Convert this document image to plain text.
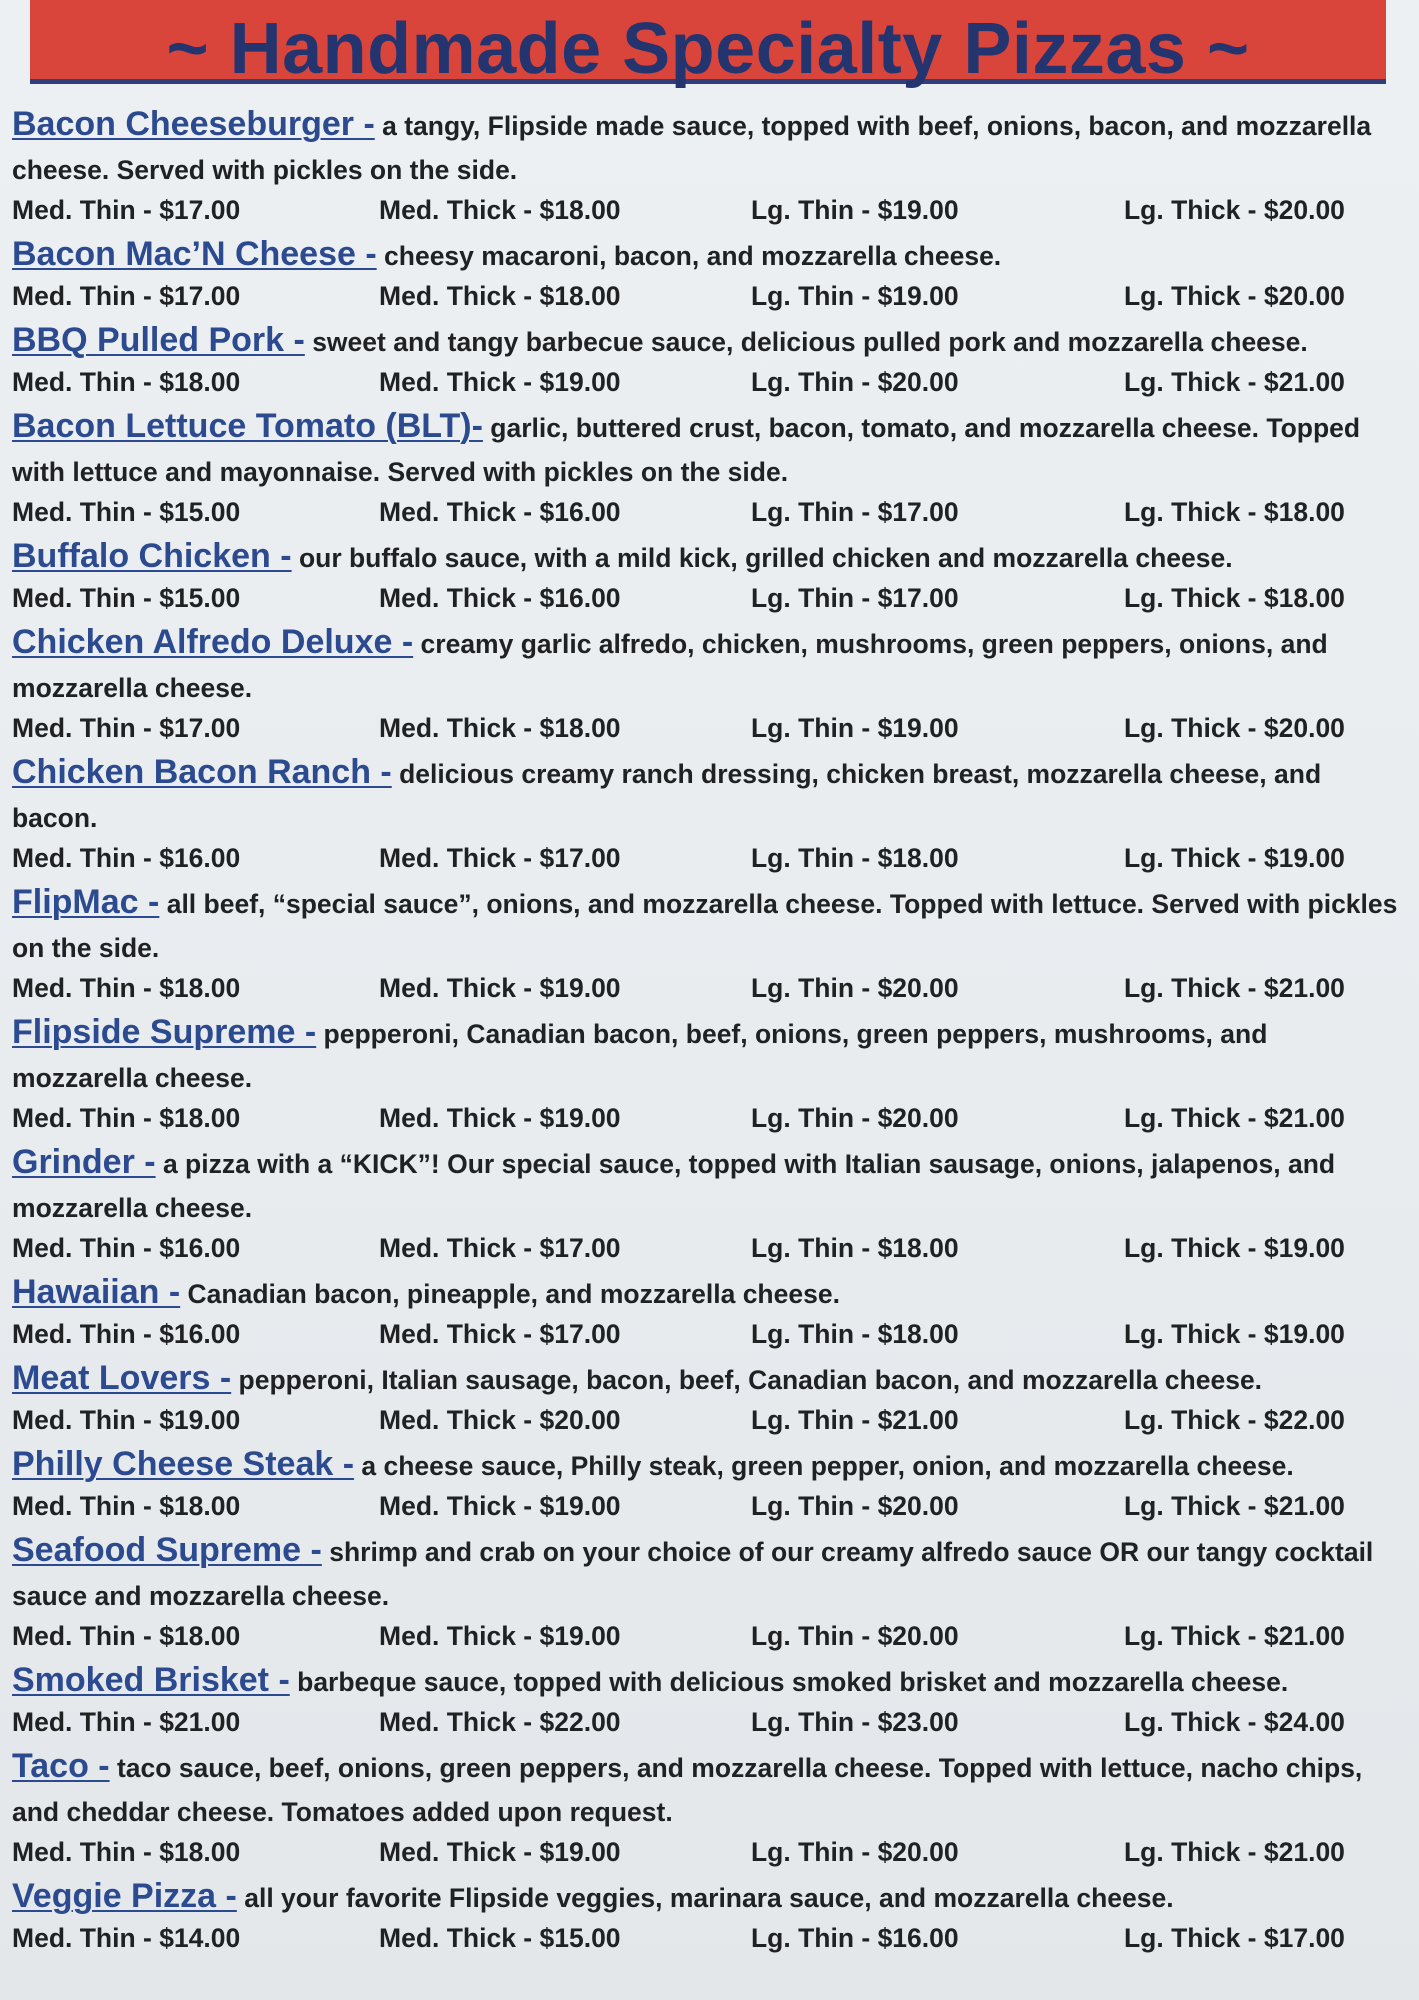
~ Handmade Specialty Pizzas ~
Bacon Cheeseburger - a tangy, Flipside made sauce, topped with beef, onions, bacon, and mozzarella cheese. Served with pickles on the side.
Med. Thin - $17.00	Med. Thick - $18.00	Lg. Thin - $19.00	Lg. Thick - $20.00
Bacon Mac’N Cheese - cheesy macaroni, bacon, and mozzarella cheese.
Med. Thin - $17.00	Med. Thick - $18.00	Lg. Thin - $19.00	Lg. Thick - $20.00
BBQ Pulled Pork - sweet and tangy barbecue sauce, delicious pulled pork and mozzarella cheese.
Med. Thin - $18.00	Med. Thick - $19.00	Lg. Thin - $20.00	Lg. Thick - $21.00
Bacon Lettuce Tomato (BLT)- garlic, buttered crust, bacon, tomato, and mozzarella cheese. Topped with lettuce and mayonnaise. Served with pickles on the side.
Med. Thin - $15.00	Med. Thick - $16.00	Lg. Thin - $17.00	Lg. Thick - $18.00
Buffalo Chicken - our buffalo sauce, with a mild kick, grilled chicken and mozzarella cheese.
Med. Thin - $15.00	Med. Thick - $16.00	Lg. Thin - $17.00	Lg. Thick - $18.00
Chicken Alfredo Deluxe - creamy garlic alfredo, chicken, mushrooms, green peppers, onions, and mozzarella cheese.
Med. Thin - $17.00	Med. Thick - $18.00	Lg. Thin - $19.00	Lg. Thick - $20.00
Chicken Bacon Ranch - delicious creamy ranch dressing, chicken breast, mozzarella cheese, and bacon.
Med. Thin - $16.00	Med. Thick - $17.00	Lg. Thin - $18.00	Lg. Thick - $19.00
FlipMac - all beef, “special sauce”, onions, and mozzarella cheese. Topped with lettuce. Served with pickles on the side.
Med. Thin - $18.00	Med. Thick - $19.00	Lg. Thin - $20.00	Lg. Thick - $21.00
Flipside Supreme - pepperoni, Canadian bacon, beef, onions, green peppers, mushrooms, and mozzarella cheese.
Med. Thin - $18.00	Med. Thick - $19.00	Lg. Thin - $20.00	Lg. Thick - $21.00
Grinder - a pizza with a “KICK”! Our special sauce, topped with Italian sausage, onions, jalapenos, and mozzarella cheese.
Med. Thin - $16.00	Med. Thick - $17.00	Lg. Thin - $18.00	Lg. Thick - $19.00
Hawaiian - Canadian bacon, pineapple, and mozzarella cheese.
Med. Thin - $16.00	Med. Thick - $17.00	Lg. Thin - $18.00	Lg. Thick - $19.00
Meat Lovers - pepperoni, Italian sausage, bacon, beef, Canadian bacon, and mozzarella cheese.
Med. Thin - $19.00	Med. Thick - $20.00	Lg. Thin - $21.00	Lg. Thick - $22.00
Philly Cheese Steak - a cheese sauce, Philly steak, green pepper, onion, and mozzarella cheese.
Med. Thin - $18.00	Med. Thick - $19.00	Lg. Thin - $20.00	Lg. Thick - $21.00
Seafood Supreme - shrimp and crab on your choice of our creamy alfredo sauce OR our tangy cocktail sauce and mozzarella cheese.
Med. Thin - $18.00	Med. Thick - $19.00	Lg. Thin - $20.00	Lg. Thick - $21.00
Smoked Brisket - barbeque sauce, topped with delicious smoked brisket and mozzarella cheese.
Med. Thin - $21.00	Med. Thick - $22.00	Lg. Thin - $23.00	Lg. Thick - $24.00
Taco - taco sauce, beef, onions, green peppers, and mozzarella cheese. Topped with lettuce, nacho chips, and cheddar cheese. Tomatoes added upon request.
Med. Thin - $18.00	Med. Thick - $19.00	Lg. Thin - $20.00	Lg. Thick - $21.00
Veggie Pizza - all your favorite Flipside veggies, marinara sauce, and mozzarella cheese.
Med. Thin - $14.00	Med. Thick - $15.00	Lg. Thin - $16.00	Lg. Thick - $17.00
